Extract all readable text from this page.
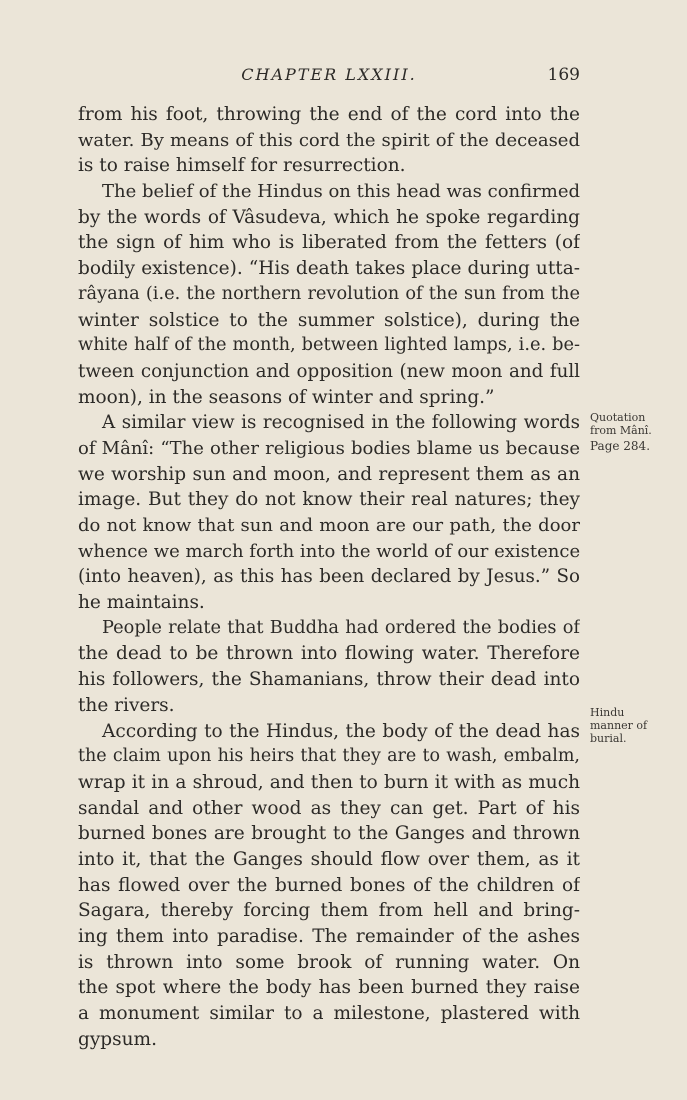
CHAPTER LXXIII.	169
from his foot, throwing the end of the cord into the
water. By means of this cord the spirit of the deceased
is to raise himself for resurrection.
The belief of the Hindus on this head was confirmed
by the words of Vâsudeva, which he spoke regarding
the sign of him who is liberated from the fetters (of
bodily existence). “His death takes place during utta-
râyana (i.e. the northern revolution of the sun from the
winter solstice to the summer solstice), during the
white half of the month, between lighted lamps, i.e. be-
tween conjunction and opposition (new moon and full
moon), in the seasons of winter and spring.”
A similar view is recognised in the following words
of Mânî: “The other religious bodies blame us because
we worship sun and moon, and represent them as an
image. But they do not know their real natures; they
do not know that sun and moon are our path, the door
whence we march forth into the world of our existence
(into heaven), as this has been declared by Jesus.” So
he maintains.
People relate that Buddha had ordered the bodies of
the dead to be thrown into flowing water. Therefore
his followers, the Shamanians, throw their dead into
the rivers.
According to the Hindus, the body of the dead has
the claim upon his heirs that they are to wash, embalm,
wrap it in a shroud, and then to burn it with as much
sandal and other wood as they can get. Part of his
burned bones are brought to the Ganges and thrown
into it, that the Ganges should flow over them, as it
has flowed over the burned bones of the children of
Sagara, thereby forcing them from hell and bring-
ing them into paradise. The remainder of the ashes
is thrown into some brook of running water. On
the spot where the body has been burned they raise
a monument similar to a milestone, plastered with
gypsum.
Quotation
from Mânî.
Page 284.
Hindu
manner of
burial.
